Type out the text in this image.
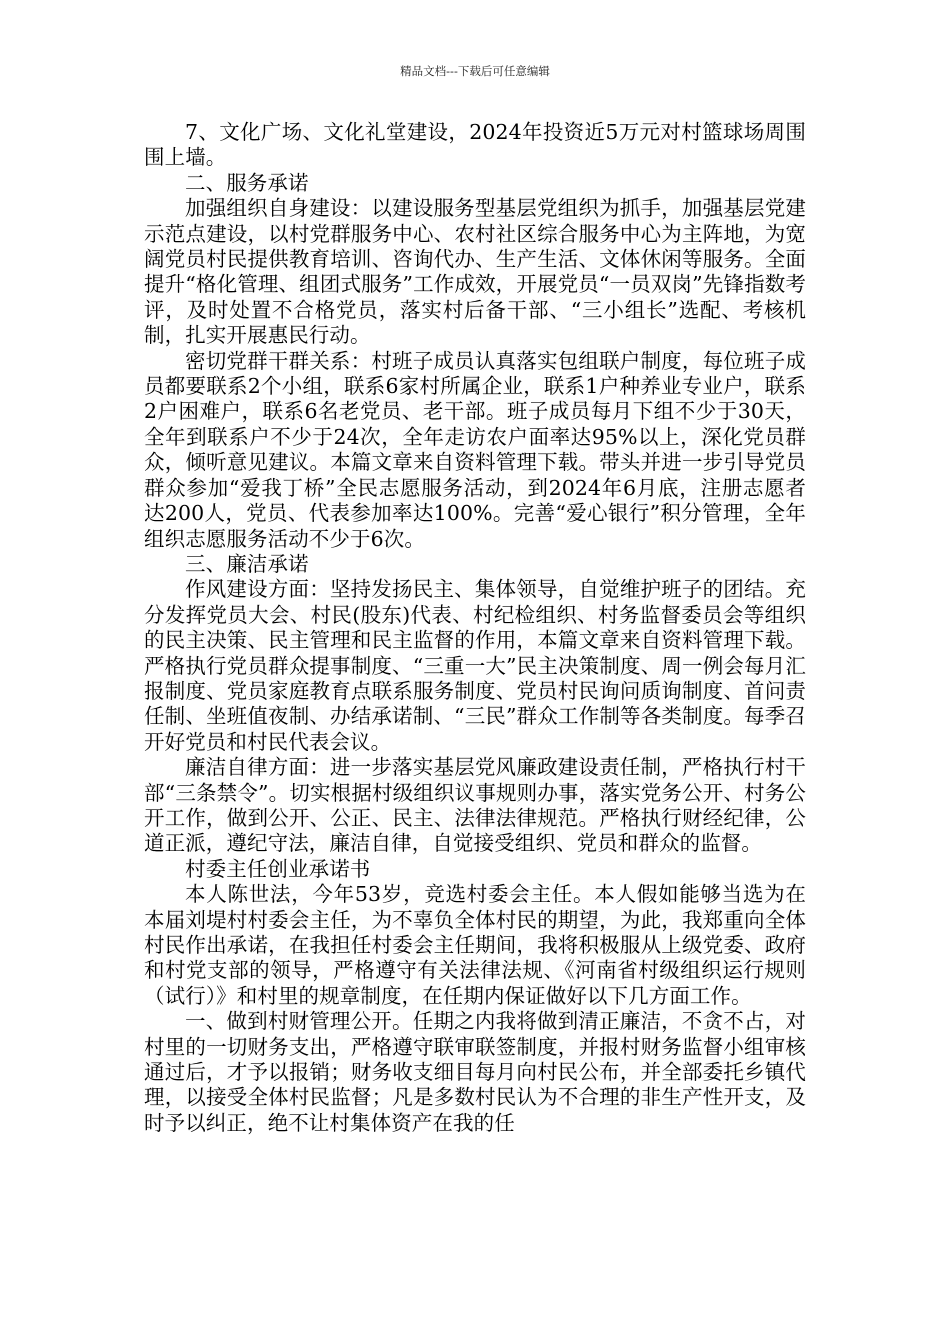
精品文档---下载后可任意编辑

7、文化广场、文化礼堂建设，2024年投资近5万元对村篮球场周围围上墙。

二、服务承诺

加强组织自身建设：以建设服务型基层党组织为抓手，加强基层党建示范点建设，以村党群服务中心、农村社区综合服务中心为主阵地，为宽阔党员村民提供教育培训、咨询代办、生产生活、文体休闲等服务。全面提升“格化管理、组团式服务”工作成效，开展党员“一员双岗”先锋指数考评，及时处置不合格党员，落实村后备干部、“三小组长”选配、考核机制，扎实开展惠民行动。

密切党群干群关系：村班子成员认真落实包组联户制度，每位班子成员都要联系2个小组，联系6家村所属企业，联系1户种养业专业户，联系2户困难户，联系6名老党员、老干部。班子成员每月下组不少于30天，全年到联系户不少于24次，全年走访农户面率达95%以上，深化党员群众，倾听意见建议。本篇文章来自资料管理下载。带头并进一步引导党员群众参加“爱我丁桥”全民志愿服务活动，到2024年6月底，注册志愿者达200人，党员、代表参加率达100%。完善“爱心银行”积分管理，全年组织志愿服务活动不少于6次。

三、廉洁承诺

作风建设方面：坚持发扬民主、集体领导，自觉维护班子的团结。充分发挥党员大会、村民(股东)代表、村纪检组织、村务监督委员会等组织的民主决策、民主管理和民主监督的作用，本篇文章来自资料管理下载。严格执行党员群众提事制度、“三重一大”民主决策制度、周一例会每月汇报制度、党员家庭教育点联系服务制度、党员村民询问质询制度、首问责任制、坐班值夜制、办结承诺制、“三民”群众工作制等各类制度。每季召开好党员和村民代表会议。

廉洁自律方面：进一步落实基层党风廉政建设责任制，严格执行村干部“三条禁令”。切实根据村级组织议事规则办事，落实党务公开、村务公开工作，做到公开、公正、民主、法律法律规范。严格执行财经纪律，公道正派，遵纪守法，廉洁自律，自觉接受组织、党员和群众的监督。

村委主任创业承诺书

本人陈世法，今年53岁，竞选村委会主任。本人假如能够当选为在本届刘堤村村委会主任，为不辜负全体村民的期望，为此，我郑重向全体村民作出承诺，在我担任村委会主任期间，我将积极服从上级党委、政府和村党支部的领导，严格遵守有关法律法规、《河南省村级组织运行规则（试行）》和村里的规章制度，在任期内保证做好以下几方面工作。

一、做到村财管理公开。任期之内我将做到清正廉洁，不贪不占，对村里的一切财务支出，严格遵守联审联签制度，并报村财务监督小组审核通过后，才予以报销；财务收支细目每月向村民公布，并全部委托乡镇代理，以接受全体村民监督；凡是多数村民认为不合理的非生产性开支，及时予以纠正，绝不让村集体资产在我的任
